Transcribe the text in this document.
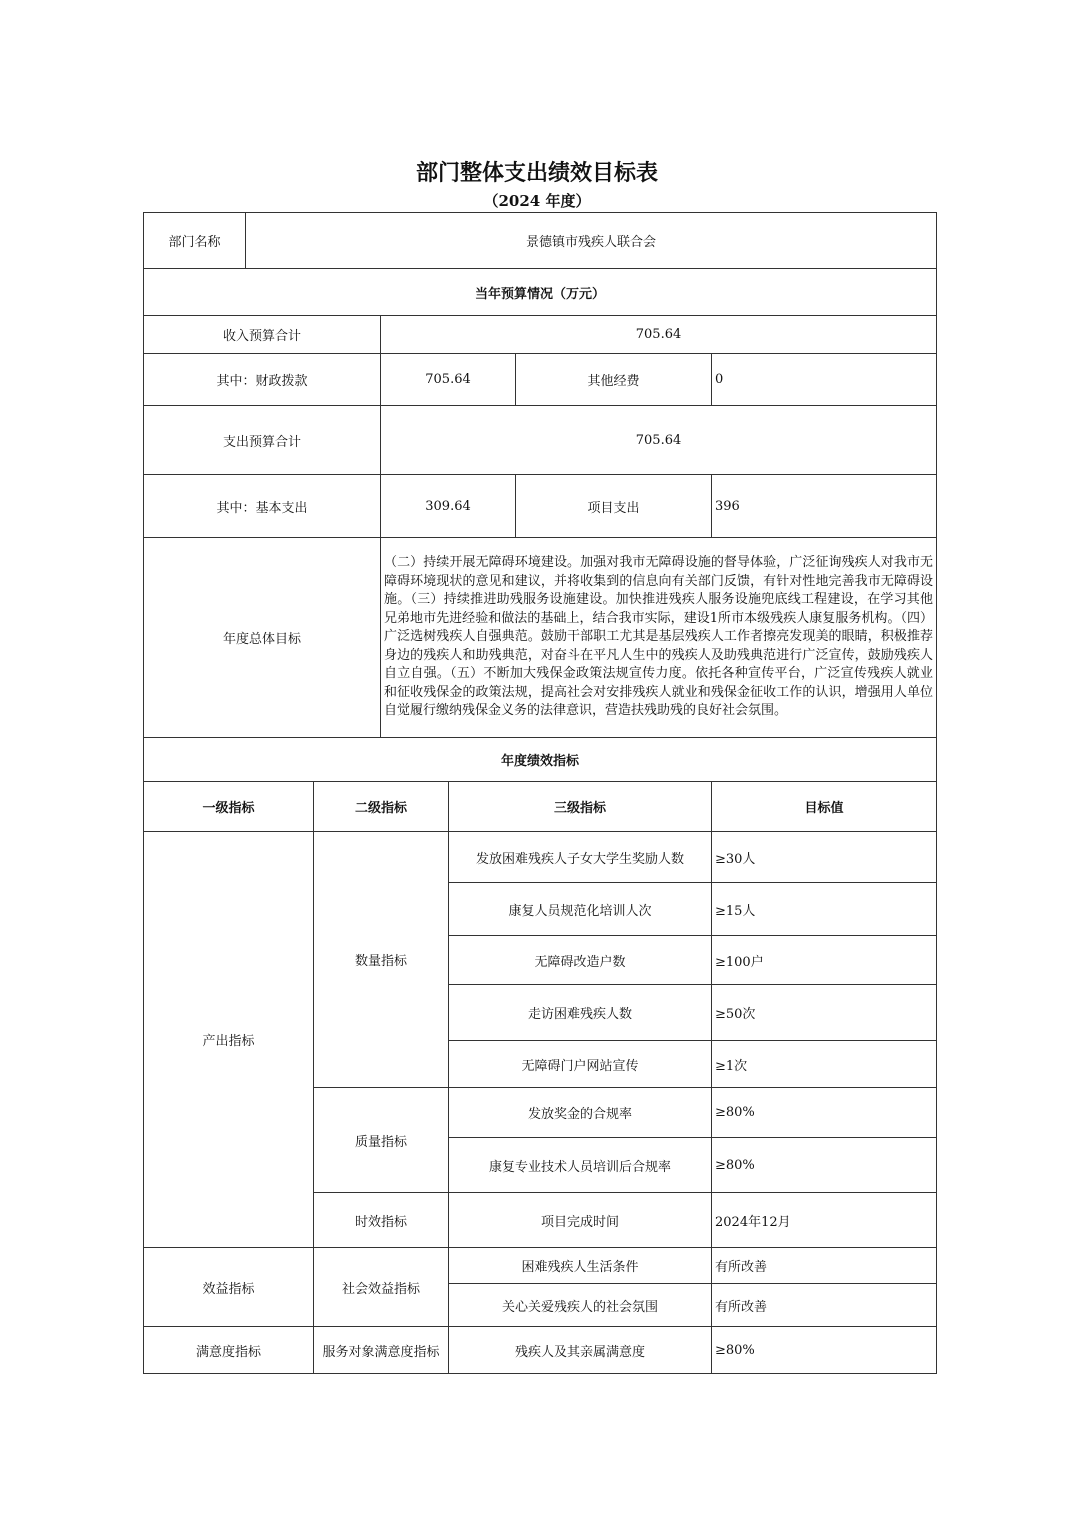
部门整体支出绩效目标表
（2024 年度）
部门名称	景德镇市残疾人联合会					
当年预算情况（万元）						
收入预算合计			705.64			
其中：财政拨款			705.64		其他经费	0
支出预算合计			705.64			
其中：基本支出			309.64		项目支出	396
年度总体目标			（二）持续开展无障碍环境建设。加强对我市无障碍设施的督导体验，广泛征询残疾人对我市无障碍环境现状的意见和建议，并将收集到的信息向有关部门反馈，有针对性地完善我市无障碍设施。（三）持续推进助残服务设施建设。加快推进残疾人服务设施兜底线工程建设，在学习其他兄弟地市先进经验和做法的基础上，结合我市实际，建设1所市本级残疾人康复服务机构。（四）广泛选树残疾人自强典范。鼓励干部职工尤其是基层残疾人工作者擦亮发现美的眼睛，积极推荐身边的残疾人和助残典范，对奋斗在平凡人生中的残疾人及助残典范进行广泛宣传，鼓励残疾人自立自强。（五）不断加大残保金政策法规宣传力度。依托各种宣传平台，广泛宣传残疾人就业和征收残保金的政策法规，提高社会对安排残疾人就业和残保金征收工作的认识，增强用人单位自觉履行缴纳残保金义务的法律意识，营造扶残助残的良好社会氛围。			
年度绩效指标						
一级指标		二级指标		三级指标		目标值
产出指标		数量指标		发放困难残疾人子女大学生奖励人数		≥30人
				康复人员规范化培训人次		≥15人
				无障碍改造户数		≥100户
				走访困难残疾人数		≥50次
				无障碍门户网站宣传		≥1次
		质量指标		发放奖金的合规率		≥80%
				康复专业技术人员培训后合规率		≥80%
		时效指标		项目完成时间		2024年12月
效益指标		社会效益指标		困难残疾人生活条件		有所改善
				关心关爱残疾人的社会氛围		有所改善
满意度指标		服务对象满意度指标		残疾人及其亲属满意度		≥80%
